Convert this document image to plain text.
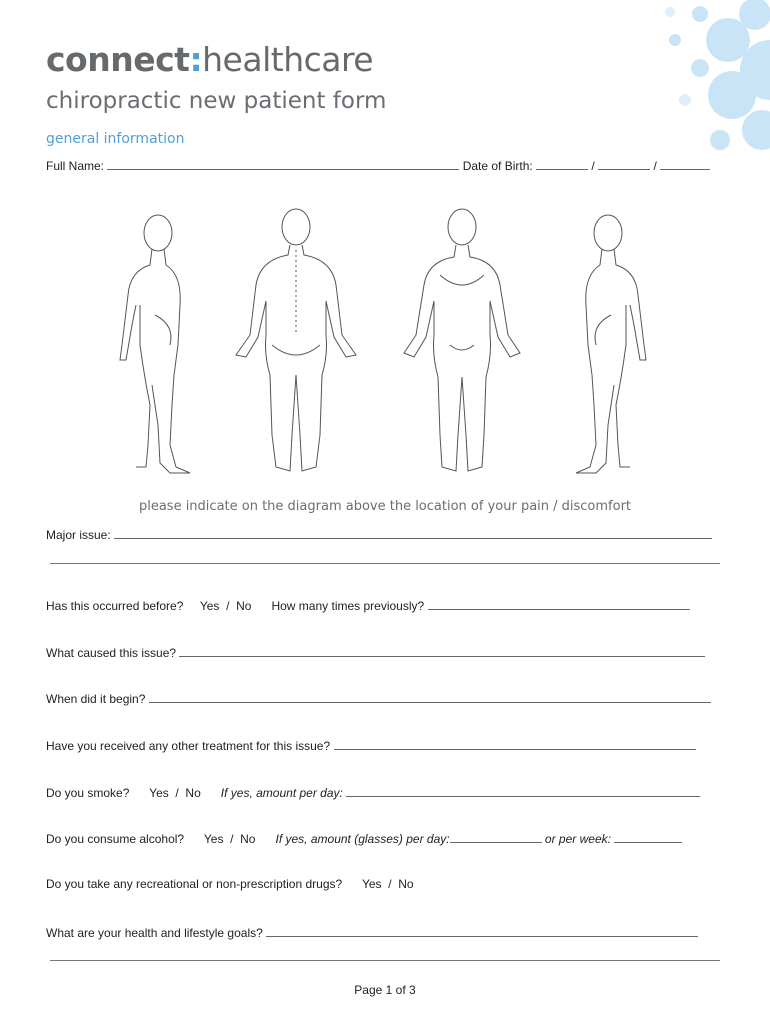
connect:healthcare
chiropractic new patient form
general information
Full Name:	Date of Birth:	/	/
please indicate on the diagram above the location of your pain / discomfort
Major issue:
Has this occurred before? Yes  /  No How many times previously?
What caused this issue?
When did it begin?
Have you received any other treatment for this issue?
Do you smoke? Yes  /  No If yes, amount per day:
Do you consume alcohol? Yes  /  No If yes, amount (glasses) per day:	or per week:
Do you take any recreational or non-prescription drugs? Yes  /  No
What are your health and lifestyle goals?
Page 1 of 3
